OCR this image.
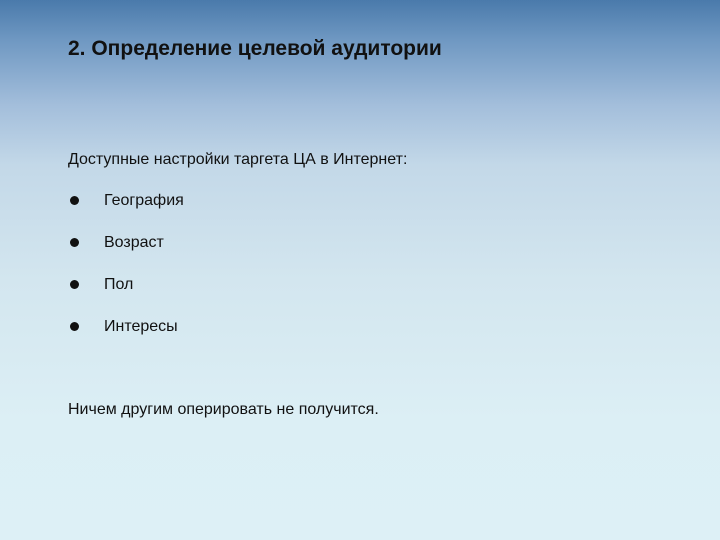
2. Определение целевой аудитории

Доступные настройки таргета ЦА в Интернет:

География
Возраст
Пол
Интересы

Ничем другим оперировать не получится.
